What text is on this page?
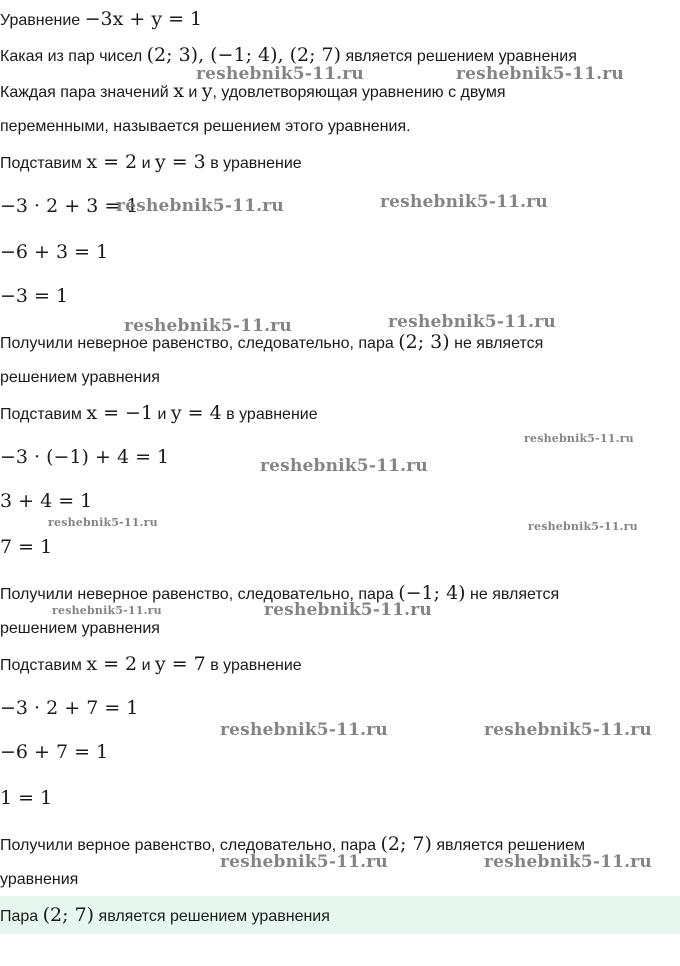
Уравнение −3x + y = 1
Какая из пар чисел (2; 3), (−1; 4), (2; 7) является решением уравнения
Каждая пара значений x и y, удовлетворяющая уравнению с двумя
переменными, называется решением этого уравнения.
Подставим x = 2 и y = 3 в уравнение
−3 · 2 + 3 = 1
−6 + 3 = 1
−3 = 1
Получили неверное равенство, следовательно, пара (2; 3) не является
решением уравнения
Подставим x = −1 и y = 4 в уравнение
−3 · (−1) + 4 = 1
3 + 4 = 1
7 = 1
Получили неверное равенство, следовательно, пара (−1; 4) не является
решением уравнения
Подставим x = 2 и y = 7 в уравнение
−3 · 2 + 7 = 1
−6 + 7 = 1
1 = 1
Получили верное равенство, следовательно, пара (2; 7) является решением
уравнения
Пара (2; 7) является решением уравнения
reshebnik5-11.ru	reshebnik5-11.ru
reshebnik5-11.ru	reshebnik5-11.ru
reshebnik5-11.ru	reshebnik5-11.ru
reshebnik5-11.ru
reshebnik5-11.ru
reshebnik5-11.ru	reshebnik5-11.ru
reshebnik5-11.ru	reshebnik5-11.ru
reshebnik5-11.ru	reshebnik5-11.ru
reshebnik5-11.ru	reshebnik5-11.ru
